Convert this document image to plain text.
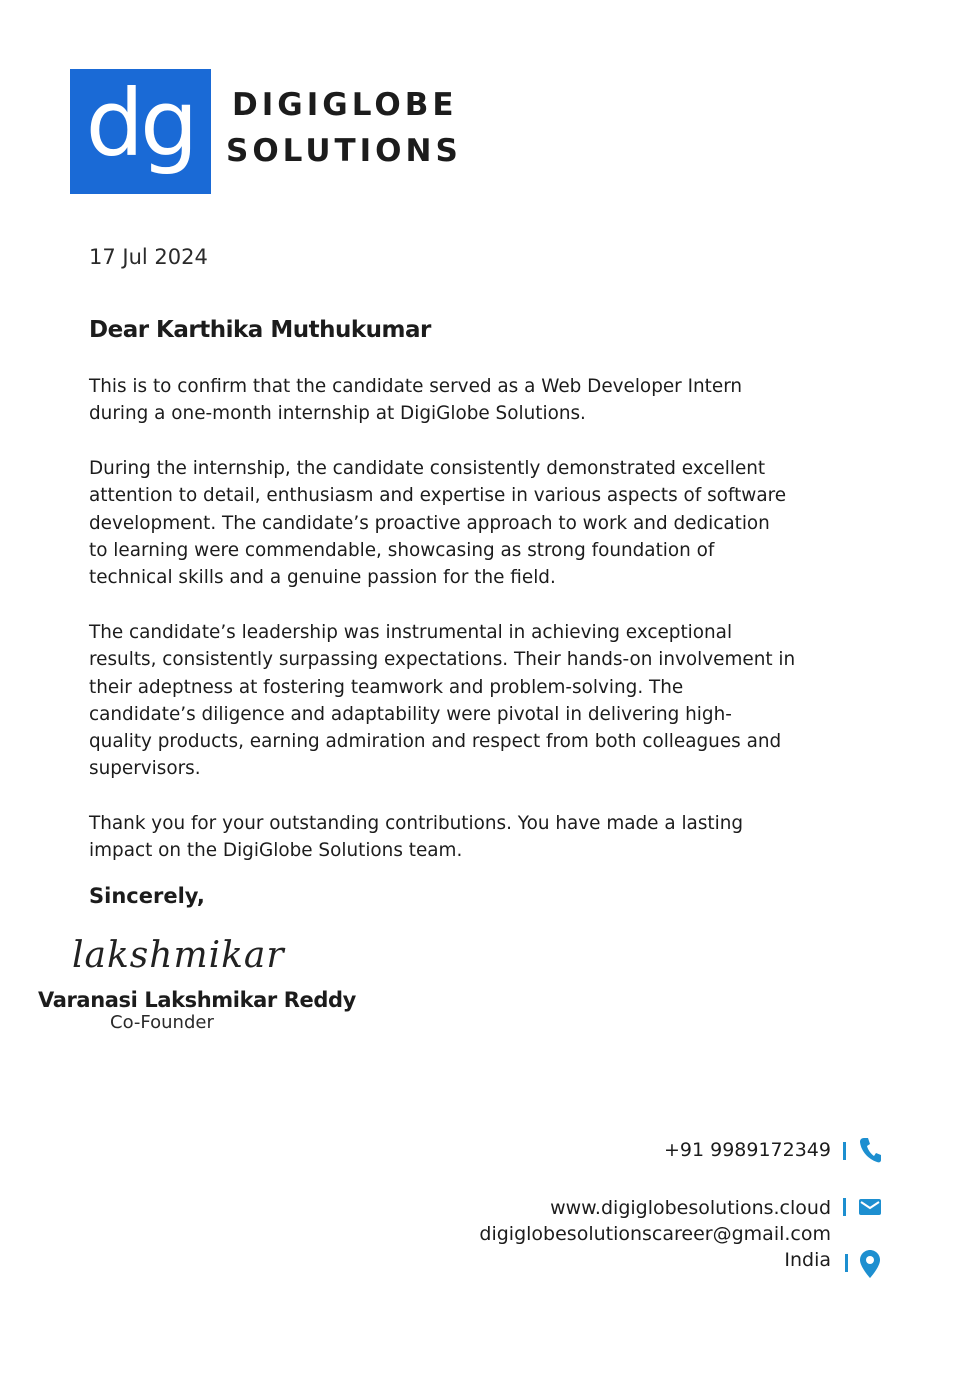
dg DIGIGLOBE
SOLUTIONS
17 Jul 2024
Dear Karthika Muthukumar

This is to confirm that the candidate served as a Web Developer Intern
during a one-month internship at DigiGlobe Solutions.

During the internship, the candidate consistently demonstrated excellent
attention to detail, enthusiasm and expertise in various aspects of software
development. The candidate’s proactive approach to work and dedication
to learning were commendable, showcasing as strong foundation of
technical skills and a genuine passion for the field.

The candidate’s leadership was instrumental in achieving exceptional
results, consistently surpassing expectations. Their hands-on involvement in
their adeptness at fostering teamwork and problem-solving. The
candidate’s diligence and adaptability were pivotal in delivering high-
quality products, earning admiration and respect from both colleagues and
supervisors.

Thank you for your outstanding contributions. You have made a lasting
impact on the DigiGlobe Solutions team.

Sincerely,
lakshmikar
Varanasi Lakshmikar Reddy
Co-Founder
+91 9989172349
www.digiglobesolutions.cloud
digiglobesolutionscareer@gmail.com
India
